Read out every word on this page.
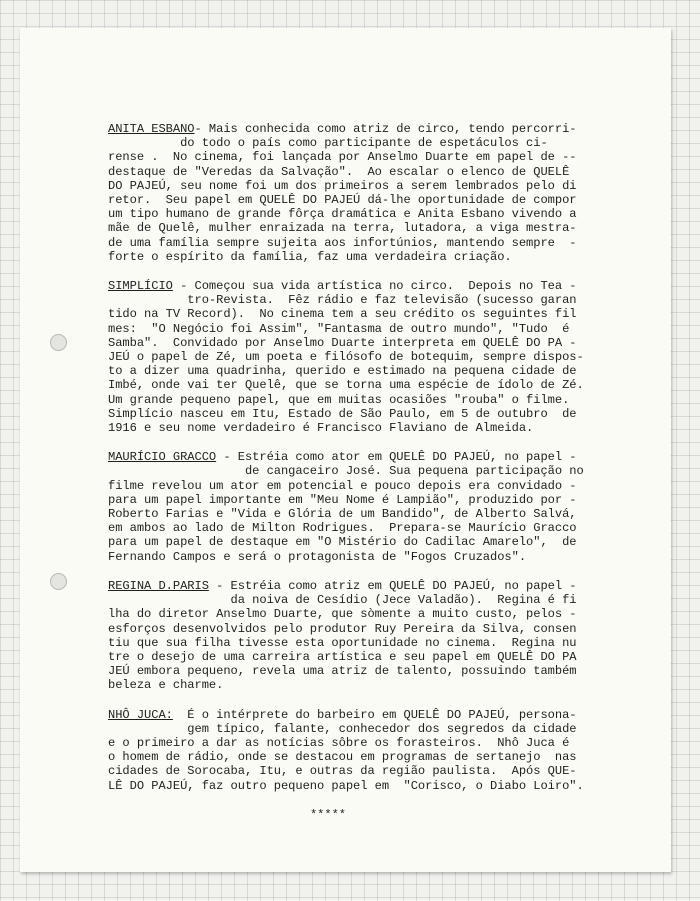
ANITA ESBANO- Mais conhecida como atriz de circo, tendo percorri-
do todo o país como participante de espetáculos ci-
rense .  No cinema, foi lançada por Anselmo Duarte em papel de --
destaque de "Veredas da Salvação".  Ao escalar o elenco de QUELÊ
DO PAJEÚ, seu nome foi um dos primeiros a serem lembrados pelo di
retor.  Seu papel em QUELÊ DO PAJEÚ dá-lhe oportunidade de compor
um tipo humano de grande fôrça dramática e Anita Esbano vivendo a
mãe de Quelê, mulher enraizada na terra, lutadora, a viga mestra-
de uma família sempre sujeita aos infortúnios, mantendo sempre  -
forte o espírito da família, faz uma verdadeira criação.
SIMPLÍCIO - Começou sua vida artística no circo.  Depois no Tea -
tro-Revista.  Fêz rádio e faz televisão (sucesso garan
tido na TV Record).  No cinema tem a seu crédito os seguintes fil
mes:  "O Negócio foi Assim", "Fantasma de outro mundo", "Tudo  é
Samba".  Convidado por Anselmo Duarte interpreta em QUELÊ DO PA -
JEÚ o papel de Zé, um poeta e filósofo de botequim, sempre dispos-
to a dizer uma quadrinha, querido e estimado na pequena cidade de
Imbé, onde vai ter Quelê, que se torna uma espécie de ídolo de Zé.
Um grande pequeno papel, que em muitas ocasiões "rouba" o filme.
Simplício nasceu em Itu, Estado de São Paulo, em 5 de outubro  de
1916 e seu nome verdadeiro é Francisco Flaviano de Almeida.
MAURÍCIO GRACCO - Estréia como ator em QUELÊ DO PAJEÚ, no papel -
de cangaceiro José. Sua pequena participação no
filme revelou um ator em potencial e pouco depois era convidado -
para um papel importante em "Meu Nome é Lampião", produzido por -
Roberto Farias e "Vida e Glória de um Bandido", de Alberto Salvá,
em ambos ao lado de Milton Rodrigues.  Prepara-se Maurício Gracco
para um papel de destaque em "O Mistério do Cadilac Amarelo",  de
Fernando Campos e será o protagonista de "Fogos Cruzados".
REGINA D.PARIS - Estréia como atriz em QUELÊ DO PAJEÚ, no papel -
da noiva de Cesídio (Jece Valadão).  Regina é fi
lha do diretor Anselmo Duarte, que sòmente a muito custo, pelos -
esforços desenvolvidos pelo produtor Ruy Pereira da Silva, consen
tiu que sua filha tivesse esta oportunidade no cinema.  Regina nu
tre o desejo de uma carreira artística e seu papel em QUELÊ DO PA
JEÚ embora pequeno, revela uma atriz de talento, possuindo também
beleza e charme.
NHÔ JUCA:  É o intérprete do barbeiro em QUELÊ DO PAJEÚ, persona-
gem típico, falante, conhecedor dos segredos da cidade
e o primeiro a dar as notícias sôbre os forasteiros.  Nhô Juca é
o homem de rádio, onde se destacou em programas de sertanejo  nas
cidades de Sorocaba, Itu, e outras da região paulista.  Após QUE-
LÊ DO PAJEÚ, faz outro pequeno papel em  "Corisco, o Diabo Loiro".
*****
